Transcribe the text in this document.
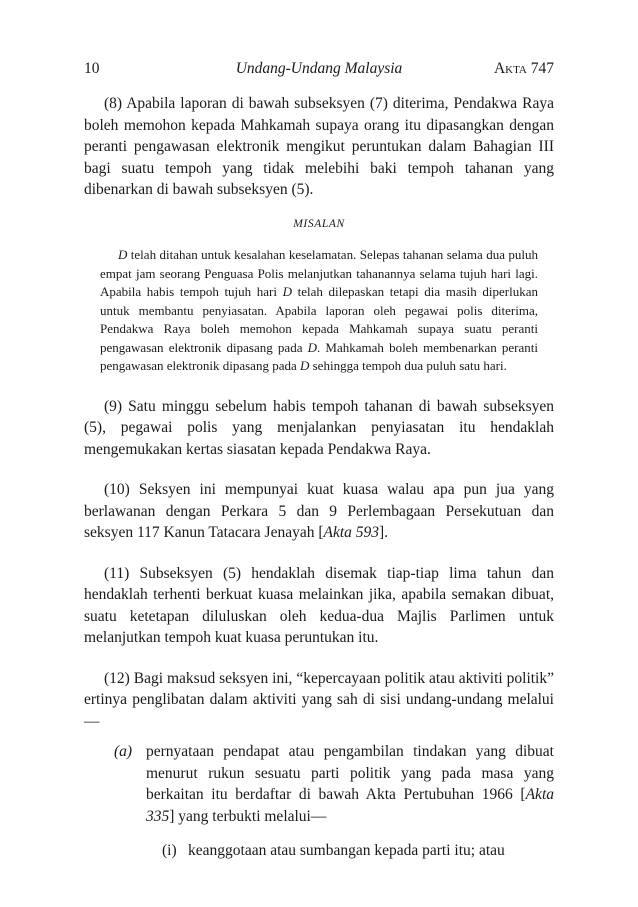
10	Undang-Undang Malaysia	Akta 747

(8) Apabila laporan di bawah subseksyen (7) diterima, Pendakwa Raya boleh memohon kepada Mahkamah supaya orang itu dipasangkan dengan peranti pengawasan elektronik mengikut peruntukan dalam Bahagian III bagi suatu tempoh yang tidak melebihi baki tempoh tahanan yang dibenarkan di bawah subseksyen (5).

MISALAN

D telah ditahan untuk kesalahan keselamatan. Selepas tahanan selama dua puluh empat jam seorang Penguasa Polis melanjutkan tahanannya selama tujuh hari lagi. Apabila habis tempoh tujuh hari D telah dilepaskan tetapi dia masih diperlukan untuk membantu penyiasatan. Apabila laporan oleh pegawai polis diterima, Pendakwa Raya boleh memohon kepada Mahkamah supaya suatu peranti pengawasan elektronik dipasang pada D. Mahkamah boleh membenarkan peranti pengawasan elektronik dipasang pada D sehingga tempoh dua puluh satu hari.

(9) Satu minggu sebelum habis tempoh tahanan di bawah subseksyen (5), pegawai polis yang menjalankan penyiasatan itu hendaklah mengemukakan kertas siasatan kepada Pendakwa Raya.

(10) Seksyen ini mempunyai kuat kuasa walau apa pun jua yang berlawanan dengan Perkara 5 dan 9 Perlembagaan Persekutuan dan seksyen 117 Kanun Tatacara Jenayah [Akta 593].

(11) Subseksyen (5) hendaklah disemak tiap-tiap lima tahun dan hendaklah terhenti berkuat kuasa melainkan jika, apabila semakan dibuat, suatu ketetapan diluluskan oleh kedua-dua Majlis Parlimen untuk melanjutkan tempoh kuat kuasa peruntukan itu.

(12) Bagi maksud seksyen ini, “kepercayaan politik atau aktiviti politik” ertinya penglibatan dalam aktiviti yang sah di sisi undang-undang melalui—

(a) pernyataan pendapat atau pengambilan tindakan yang dibuat menurut rukun sesuatu parti politik yang pada masa yang berkaitan itu berdaftar di bawah Akta Pertubuhan 1966 [Akta 335] yang terbukti melalui—

(i) keanggotaan atau sumbangan kepada parti itu; atau
